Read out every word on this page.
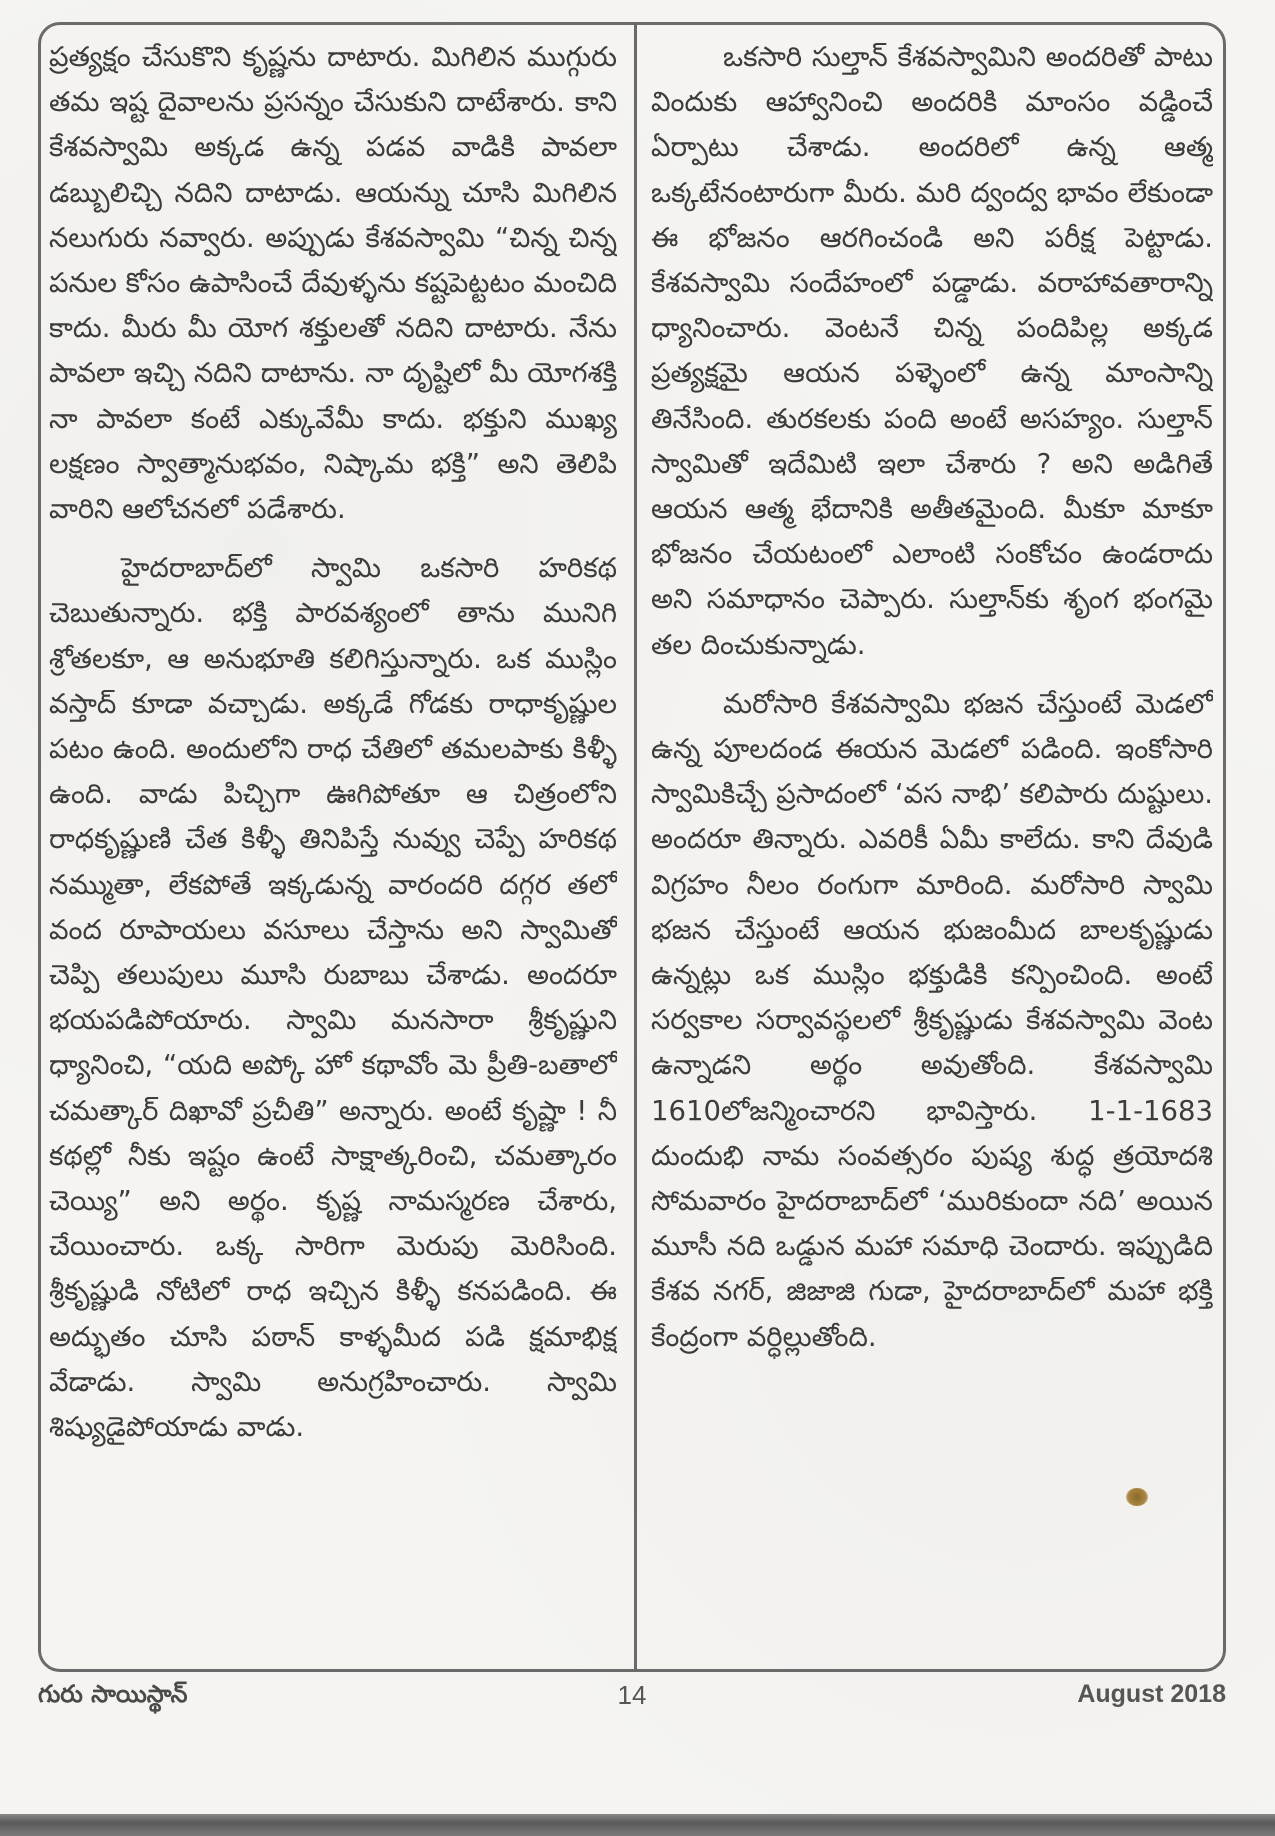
ప్రత్యక్షం చేసుకొని కృష్ణను దాటారు. మిగిలిన ముగ్గురు తమ ఇష్ట దైవాలను ప్రసన్నం చేసుకుని దాటేశారు. కాని కేశవస్వామి అక్కడ ఉన్న పడవ వాడికి పావలా డబ్బులిచ్చి నదిని దాటాడు. ఆయన్ను చూసి మిగిలిన నలుగురు నవ్వారు. అప్పుడు కేశవస్వామి “చిన్న చిన్న పనుల కోసం ఉపాసించే దేవుళ్ళను కష్టపెట్టటం మంచిది కాదు. మీరు మీ యోగ శక్తులతో నదిని దాటారు. నేను పావలా ఇచ్చి నదిని దాటాను. నా దృష్టిలో మీ యోగశక్తి నా పావలా కంటే ఎక్కువేమీ కాదు. భక్తుని ముఖ్య లక్షణం స్వాత్మానుభవం, నిష్కామ భక్తి” అని తెలిపి వారిని ఆలోచనలో పడేశారు.

హైదరాబాద్‌లో స్వామి ఒకసారి హరికథ చెబుతున్నారు. భక్తి పారవశ్యంలో తాను మునిగి శ్రోతలకూ, ఆ అనుభూతి కలిగిస్తున్నారు. ఒక ముస్లిం వస్తాద్ కూడా వచ్చాడు. అక్కడే గోడకు రాధాకృష్ణుల పటం ఉంది. అందులోని రాధ చేతిలో తమలపాకు కిళ్ళీ ఉంది. వాడు పిచ్చిగా ఊగిపోతూ ఆ చిత్రంలోని రాధకృష్ణుణి చేత కిళ్ళీ తినిపిస్తే నువ్వు చెప్పే హరికథ నమ్ముతా, లేకపోతే ఇక్కడున్న వారందరి దగ్గర తలో వంద రూపాయలు వసూలు చేస్తాను అని స్వామితో చెప్పి తలుపులు మూసి రుబాబు చేశాడు. అందరూ భయపడిపోయారు. స్వామి మనసారా శ్రీకృష్ణుని ధ్యానించి, “యది అప్కో హో కథావోం మె ప్రీతి-బతాలో చమత్కార్ దిఖావో ప్రచీతి” అన్నారు. అంటే కృష్ణా ! నీ కథల్లో నీకు ఇష్టం ఉంటే సాక్షాత్కరించి, చమత్కారం చెయ్యి” అని అర్థం. కృష్ణ నామస్మరణ చేశారు, చేయించారు. ఒక్క సారిగా మెరుపు మెరిసింది. శ్రీకృష్ణుడి నోటిలో రాధ ఇచ్చిన కిళ్ళీ కనపడింది. ఈ అద్భుతం చూసి పఠాన్ కాళ్ళమీద పడి క్షమాభిక్ష వేడాడు. స్వామి అనుగ్రహించారు. స్వామి శిష్యుడైపోయాడు వాడు.

ఒకసారి సుల్తాన్ కేశవస్వామిని అందరితో పాటు విందుకు ఆహ్వానించి అందరికి మాంసం వడ్డించే ఏర్పాటు చేశాడు. అందరిలో ఉన్న ఆత్మ ఒక్కటేనంటారుగా మీరు. మరి ద్వంద్వ భావం లేకుండా ఈ భోజనం ఆరగించండి అని పరీక్ష పెట్టాడు. కేశవస్వామి సందేహంలో పడ్డాడు. వరాహావతారాన్ని ధ్యానించారు. వెంటనే చిన్న పందిపిల్ల అక్కడ ప్రత్యక్షమై ఆయన పళ్ళెంలో ఉన్న మాంసాన్ని తినేసింది. తురకలకు పంది అంటే అసహ్యం. సుల్తాన్ స్వామితో ఇదేమిటి ఇలా చేశారు ? అని అడిగితే ఆయన ఆత్మ భేదానికి అతీతమైంది. మీకూ మాకూ భోజనం చేయటంలో ఎలాంటి సంకోచం ఉండరాదు అని సమాధానం చెప్పారు. సుల్తాన్‌కు శృంగ భంగమై తల దించుకున్నాడు.

మరోసారి కేశవస్వామి భజన చేస్తుంటే మెడలో ఉన్న పూలదండ ఈయన మెడలో పడింది. ఇంకోసారి స్వామికిచ్చే ప్రసాదంలో ‘వస నాభి’ కలిపారు దుష్టులు. అందరూ తిన్నారు. ఎవరికీ ఏమీ కాలేదు. కాని దేవుడి విగ్రహం నీలం రంగుగా మారింది. మరోసారి స్వామి భజన చేస్తుంటే ఆయన భుజంమీద బాలకృష్ణుడు ఉన్నట్లు ఒక ముస్లిం భక్తుడికి కన్పించింది. అంటే సర్వకాల సర్వావస్థలలో శ్రీకృష్ణుడు కేశవస్వామి వెంట ఉన్నాడని అర్థం అవుతోంది. కేశవస్వామి 1610లోజన్మించారని భావిస్తారు. 1-1-1683 దుందుభి నామ సంవత్సరం పుష్య శుద్ధ త్రయోదశి సోమవారం హైదరాబాద్‌లో ‘మురికుందా నది’ అయిన మూసీ నది ఒడ్డున మహా సమాధి చెందారు. ఇప్పుడిది కేశవ నగర్, జిజాజి గుడా, హైదరాబాద్‌లో మహా భక్తి కేంద్రంగా వర్ధిల్లుతోంది.

గురు సాయిస్థాన్	14	August 2018
